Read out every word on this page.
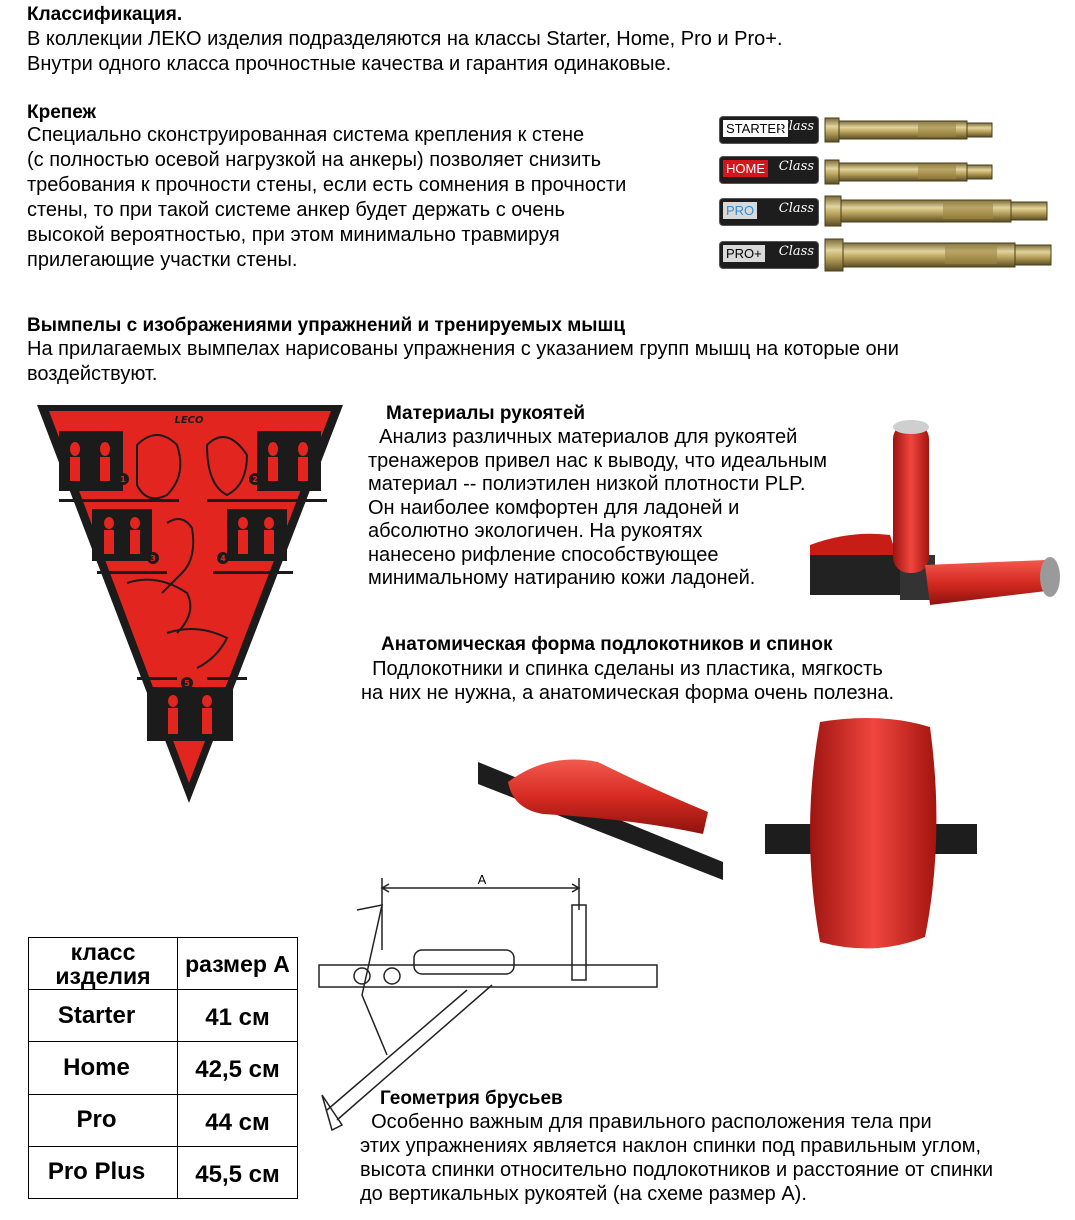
Классификация.

В коллекции ЛЕКО изделия подразделяются на классы Starter, Home, Pro и Pro+.

Внутри одного класса прочностные качества и гарантия одинаковые.

Крепеж

Специально сконструированная система крепления к стене

(с полностью осевой нагрузкой на анкеры) позволяет снизить

требования к прочности стены, если есть сомнения в прочности

стены, то при такой системе анкер будет держать с очень

высокой вероятностью, при этом минимально травмируя

прилегающие участки стены.

STARTER
Class
HOME Class
PRO Class
PRO+ Class
Вымпелы с изображениями упражнений и тренируемых мышц

На прилагаемых вымпелах нарисованы упражнения с указанием групп мышц на которые они

воздействуют.

1	2
3	4
5
LECO	Материалы рукоятей

Анализ различных материалов для рукоятей

тренажеров привел нас к выводу, что идеальным

материал -- полиэтилен низкой плотности PLP.

Он наиболее комфортен для ладоней и

абсолютно экологичен. На рукоятях

нанесено рифление способствующее

минимальному натиранию кожи ладоней.

Анатомическая форма подлокотников и спинок

Подлокотники и спинка сделаны из пластика, мягкость

на них не нужна, а анатомическая форма очень полезна.

A
класс изделия	размер А
Starter	41 см
Home	42,5 см
Pro	44 см
Pro Plus	45,5 см
Геометрия брусьев

Особенно важным для правильного расположения тела при

этих упражнениях является наклон спинки под правильным углом,

высота спинки относительно подлокотников и расстояние от спинки

до вертикальных рукоятей (на схеме размер А).
